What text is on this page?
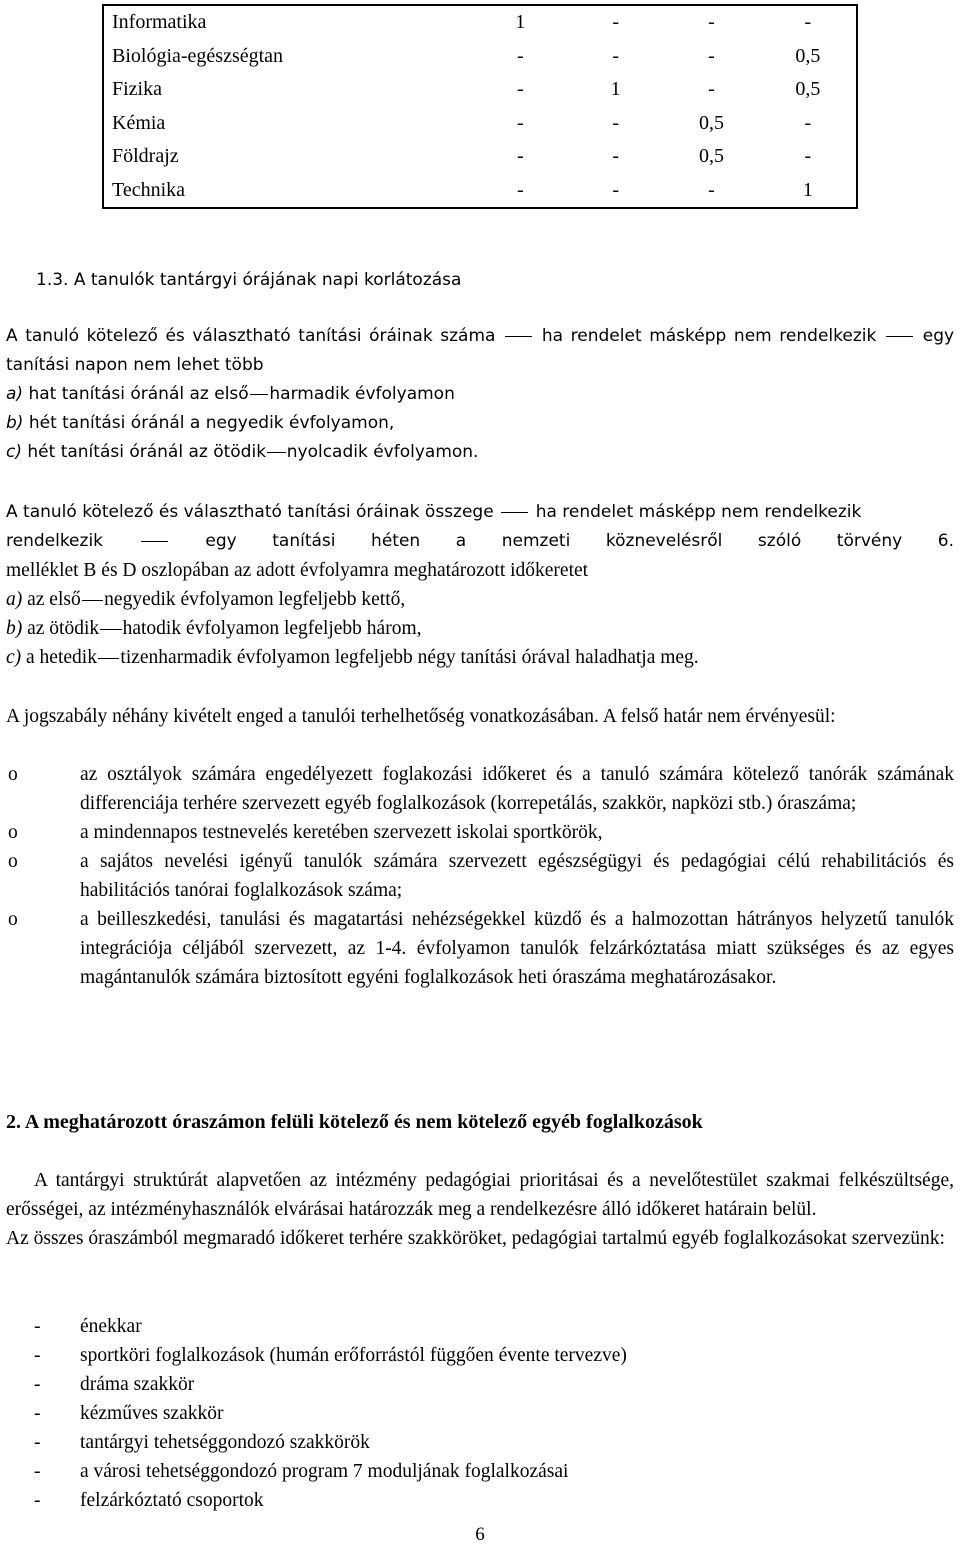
Informatika	1	-	-	-
Biológia-egészségtan	-	-	-	0,5
Fizika	-	1	-	0,5
Kémia	-	-	0,5	-
Földrajz	-	-	0,5	-
Technika	-	-	-	1

1.3. A tanulók tantárgyi órájának napi korlátozása

A tanuló kötelező és választható tanítási óráinak száma	ha rendelet másképp nem rendelkezik	egy tanítási napon nem lehet több

a) hat tanítási óránál az első harmadik évfolyamon

b) hét tanítási óránál a negyedik évfolyamon,

c) hét tanítási óránál az ötödik nyolcadik évfolyamon.

A tanuló kötelező és választható tanítási óráinak összege ha rendelet másképp nem rendelkezik

rendelkezik	egy tanítási héten a nemzeti köznevelésről szóló törvény 6.

melléklet B és D oszlopában az adott évfolyamra meghatározott időkeretet

a) az első negyedik évfolyamon legfeljebb kettő,

b) az ötödik hatodik évfolyamon legfeljebb három,

c) a hetedik tizenharmadik évfolyamon legfeljebb négy tanítási órával haladhatja meg.

A jogszabály néhány kivételt enged a tanulói terhelhetőség vonatkozásában. A felső határ nem érvényesül:

o	az osztályok számára engedélyezett foglakozási időkeret és a tanuló számára kötelező tanórák számának differenciája terhére szervezett egyéb foglalkozások (korrepetálás, szakkör, napközi stb.) óraszáma;
o	a mindennapos testnevelés keretében szervezett iskolai sportkörök,
o	a sajátos nevelési igényű tanulók számára szervezett egészségügyi és pedagógiai célú rehabilitációs és habilitációs tanórai foglalkozások száma;
o	a beilleszkedési, tanulási és magatartási nehézségekkel küzdő és a halmozottan hátrányos helyzetű tanulók integrációja céljából szervezett, az 1-4. évfolyamon tanulók felzárkóztatása miatt szükséges és az egyes magántanulók számára biztosított egyéni foglalkozások heti óraszáma meghatározásakor.
2. A meghatározott óraszámon felüli kötelező és nem kötelező egyéb foglalkozások

A tantárgyi struktúrát alapvetően az intézmény pedagógiai prioritásai és a nevelőtestület szakmai felkészültsége, erősségei, az intézményhasználók elvárásai határozzák meg a rendelkezésre álló időkeret határain belül.

Az összes óraszámból megmaradó időkeret terhére szakköröket, pedagógiai tartalmú egyéb foglalkozásokat szervezünk:

- énekkar
- sportköri foglalkozások (humán erőforrástól függően évente tervezve)
- dráma szakkör
- kézműves szakkör
- tantárgyi tehetséggondozó szakkörök
- a városi tehetséggondozó program 7 moduljának foglalkozásai
- felzárkóztató csoportok
6
